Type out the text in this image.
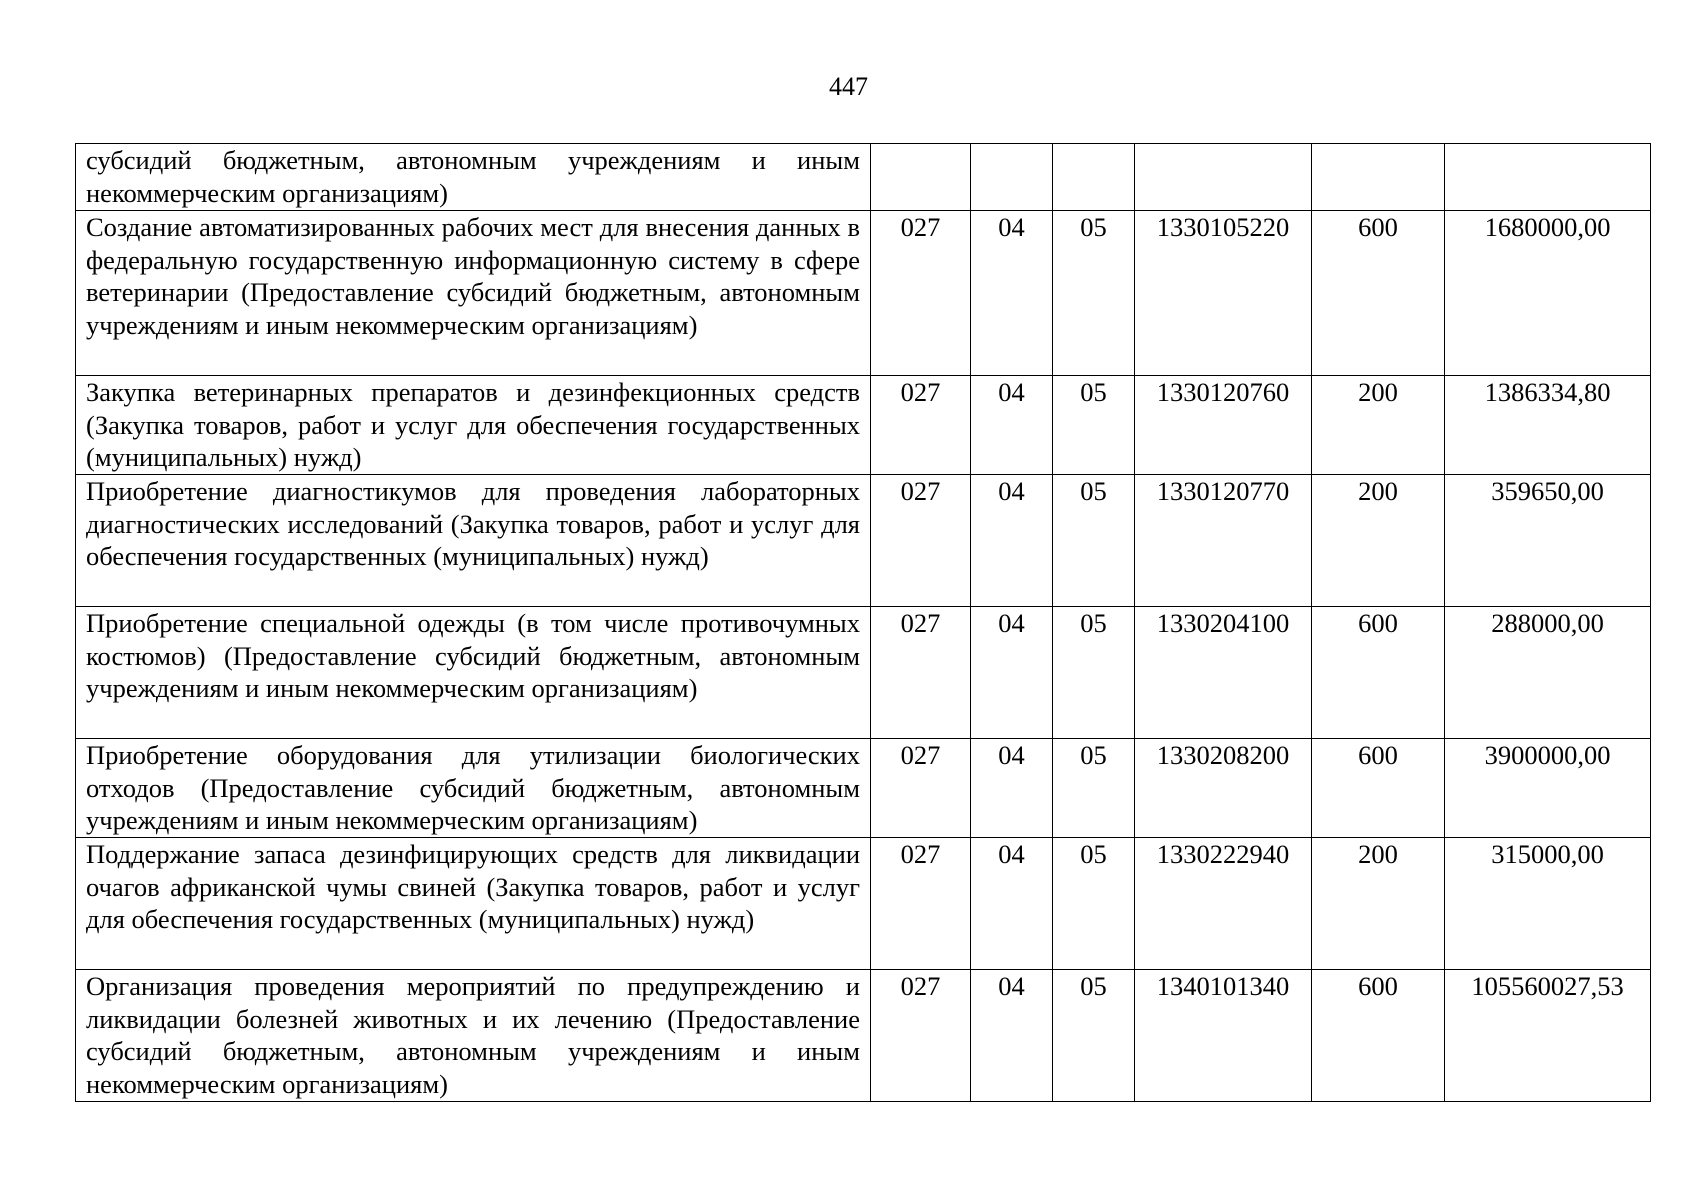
447
субсидий бюджетным, автономным учреждениям и иным некоммерческим организациям)						
Создание автоматизированных рабочих мест для внесения данных в федеральную государственную информационную систему в сфере ветеринарии (Предоставление субсидий бюджетным, автономным учреждениям и иным некоммерческим организациям)	027	04	05	1330105220	600	1680000,00
Закупка ветеринарных препаратов и дезинфекционных средств (Закупка товаров, работ и услуг для обеспечения государственных (муниципальных) нужд)	027	04	05	1330120760	200	1386334,80
Приобретение диагностикумов для проведения лабораторных диагностических исследований (Закупка товаров, работ и услуг для обеспечения государственных (муниципальных) нужд)	027	04	05	1330120770	200	359650,00
Приобретение специальной одежды (в том числе противочумных костюмов) (Предоставление субсидий бюджетным, автономным учреждениям и иным некоммерческим организациям)	027	04	05	1330204100	600	288000,00
Приобретение оборудования для утилизации биологических отходов (Предоставление субсидий бюджетным, автономным учреждениям и иным некоммерческим организациям)	027	04	05	1330208200	600	3900000,00
Поддержание запаса дезинфицирующих средств для ликвидации очагов африканской чумы свиней (Закупка товаров, работ и услуг для обеспечения государственных (муниципальных) нужд)	027	04	05	1330222940	200	315000,00
Организация проведения мероприятий по предупреждению и ликвидации болезней животных и их лечению (Предоставление субсидий бюджетным, автономным учреждениям и иным некоммерческим организациям)	027	04	05	1340101340	600	105560027,53
